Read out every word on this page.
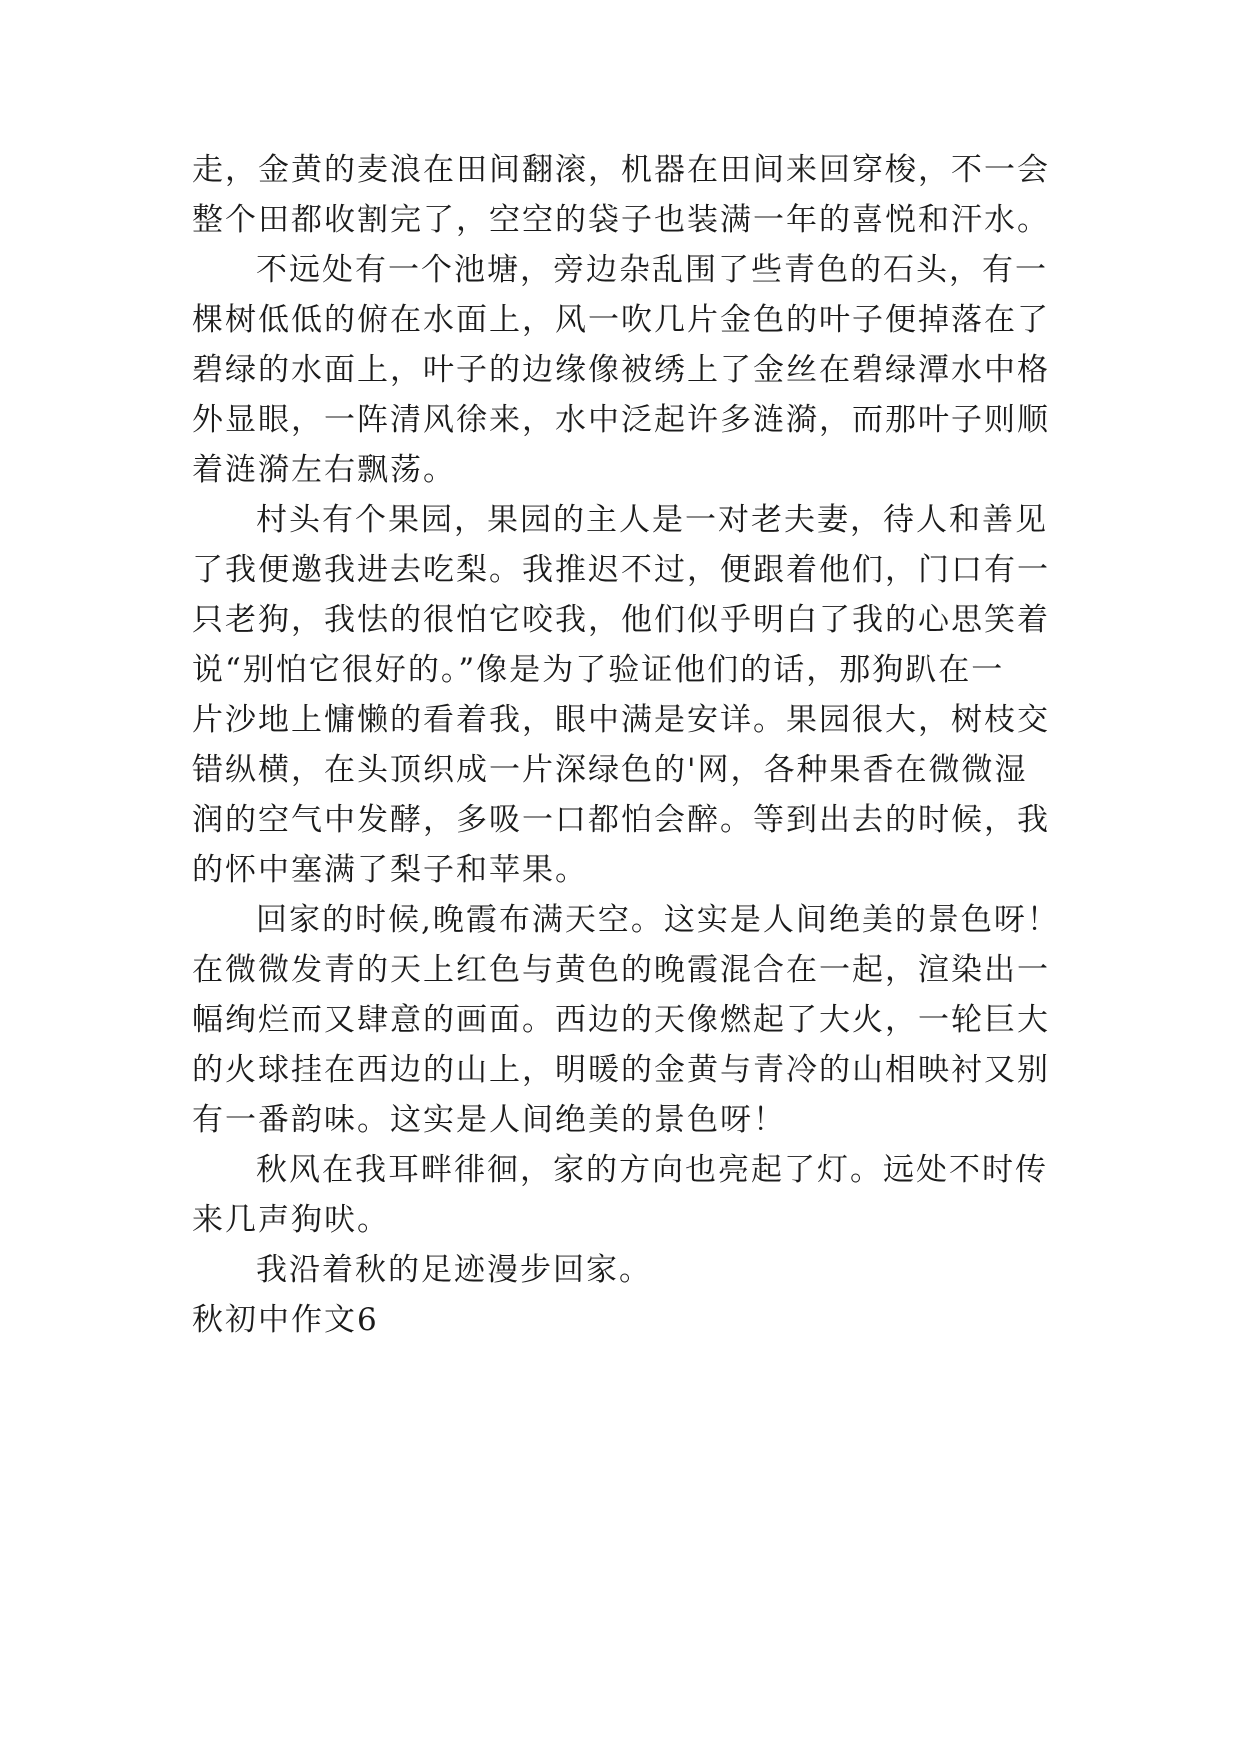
走，金黄的麦浪在田间翻滚，机器在田间来回穿梭，不一会
整个田都收割完了，空空的袋子也装满一年的喜悦和汗水。
不远处有一个池塘，旁边杂乱围了些青色的石头，有一
棵树低低的俯在水面上，风一吹几片金色的叶子便掉落在了
碧绿的水面上，叶子的边缘像被绣上了金丝在碧绿潭水中格
外显眼，一阵清风徐来，水中泛起许多涟漪，而那叶子则顺
着涟漪左右飘荡。
村头有个果园，果园的主人是一对老夫妻，待人和善见
了我便邀我进去吃梨。我推迟不过，便跟着他们，门口有一
只老狗，我怯的很怕它咬我，他们似乎明白了我的心思笑着
说“别怕它很好的。”像是为了验证他们的话，那狗趴在一
片沙地上慵懒的看着我，眼中满是安详。果园很大，树枝交
错纵横，在头顶织成一片深绿色的'网，各种果香在微微湿
润的空气中发酵，多吸一口都怕会醉。等到出去的时候，我
的怀中塞满了梨子和苹果。
回家的时候,晚霞布满天空。这实是人间绝美的景色呀！
在微微发青的天上红色与黄色的晚霞混合在一起，渲染出一
幅绚烂而又肆意的画面。西边的天像燃起了大火，一轮巨大
的火球挂在西边的山上，明暖的金黄与青冷的山相映衬又别
有一番韵味。这实是人间绝美的景色呀！
秋风在我耳畔徘徊，家的方向也亮起了灯。远处不时传
来几声狗吠。
我沿着秋的足迹漫步回家。
秋初中作文6
